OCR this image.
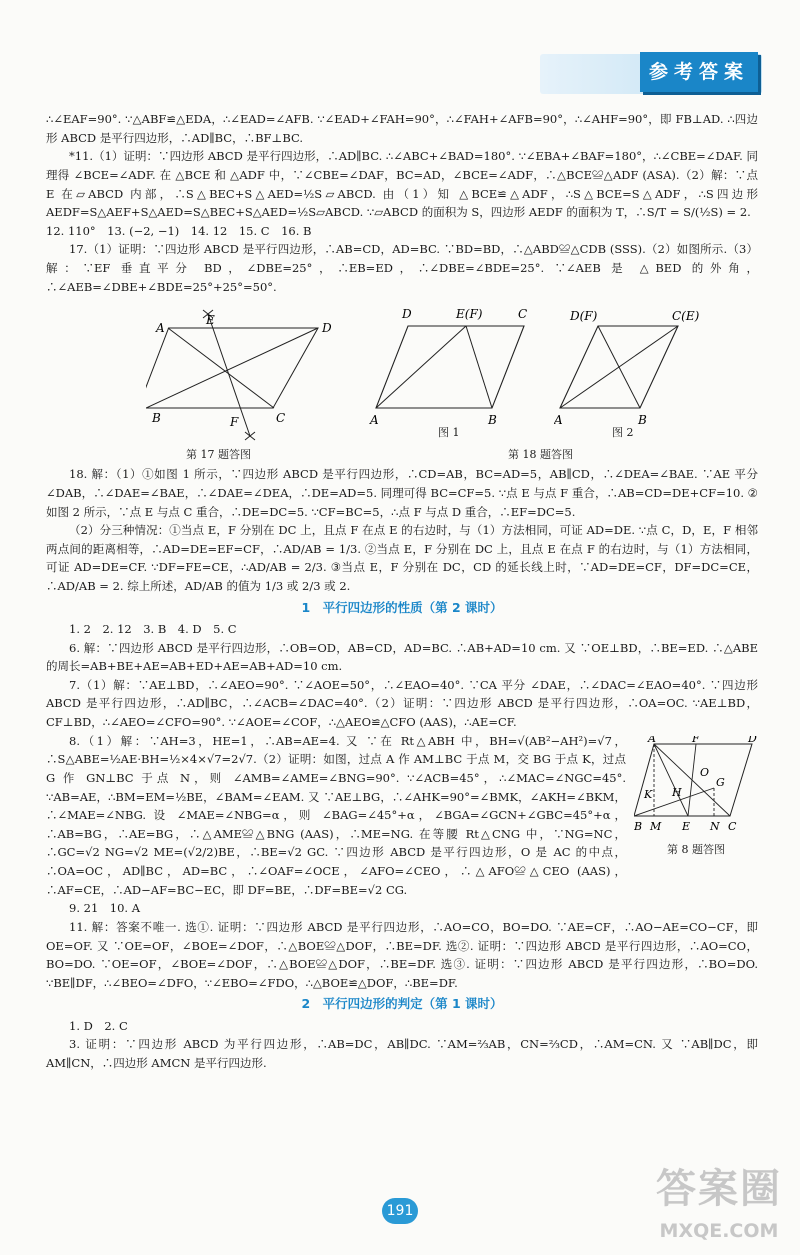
参考答案

∴∠EAF=90°. ∵△ABF≌△EDA，∴∠EAD=∠AFB. ∵∠EAD+∠FAH=90°，∴∠FAH+∠AFB=90°，∴∠AHF=90°，即 FB⊥AD. ∴四边形 ABCD 是平行四边形，∴AD∥BC，∴BF⊥BC.

*11.（1）证明：∵四边形 ABCD 是平行四边形，∴AD∥BC. ∴∠ABC+∠BAD=180°. ∵∠EBA+∠BAF=180°，∴∠CBE=∠DAF. 同理得 ∠BCE=∠ADF. 在 △BCE 和 △ADF 中，∵∠CBE=∠DAF，BC=AD，∠BCE=∠ADF，∴△BCE≌△ADF (ASA).（2）解：∵点 E 在▱ABCD 内部，∴S△BEC+S△AED=½S▱ABCD. 由（1）知 △BCE≌△ADF，∴S△BCE=S△ADF，∴S四边形AEDF=S△AEF+S△AED=S△BEC+S△AED=½S▱ABCD. ∵▱ABCD 的面积为 S，四边形 AEDF 的面积为 T，∴S/T = S/(½S) = 2.

12. 110°　13. (−2, −1)　14. 12　15. C　16. B

17.（1）证明：∵四边形 ABCD 是平行四边形，∴AB=CD，AD=BC. ∵BD=BD，∴△ABD≌△CDB (SSS).（2）如图所示.（3）解：∵EF 垂直平分 BD，∠DBE=25°，∴EB=ED，∴∠DBE=∠BDE=25°. ∵∠AEB 是 △BED 的外角，∴∠AEB=∠DBE+∠BDE=25°+25°=50°.

A
E
D
B	F	C
第 17 题答图
D	E(F)	C
A	B
图 1
D(F)	C(E)
A	B
图 2
第 18 题答图

18. 解：（1）①如图 1 所示，∵四边形 ABCD 是平行四边形，∴CD=AB，BC=AD=5，AB∥CD，∴∠DEA=∠BAE. ∵AE 平分 ∠DAB，∴∠DAE=∠BAE，∴∠DAE=∠DEA，∴DE=AD=5. 同理可得 BC=CF=5. ∵点 E 与点 F 重合，∴AB=CD=DE+CF=10. ②如图 2 所示，∵点 E 与点 C 重合，∴DE=DC=5. ∵CF=BC=5，∴点 F 与点 D 重合，∴EF=DC=5.

（2）分三种情况：①当点 E，F 分别在 DC 上，且点 F 在点 E 的右边时，与（1）方法相同，可证 AD=DE. ∵点 C，D，E，F 相邻两点间的距离相等，∴AD=DE=EF=CF，∴AD/AB = 1/3. ②当点 E，F 分别在 DC 上，且点 E 在点 F 的右边时，与（1）方法相同，可证 AD=DE=CF. ∵DF=FE=CE，∴AD/AB = 2/3. ③当点 E，F 分别在 DC，CD 的延长线上时，∵AD=DE=CF，DF=DC=CE，∴AD/AB = 2. 综上所述，AD/AB 的值为 1/3 或 2/3 或 2.

1　平行四边形的性质（第 2 课时）

1. 2　2. 12　3. B　4. D　5. C

6. 解：∵四边形 ABCD 是平行四边形，∴OB=OD，AB=CD，AD=BC. ∴AB+AD=10 cm. 又 ∵OE⊥BD，∴BE=ED. ∴△ABE 的周长=AB+BE+AE=AB+ED+AE=AB+AD=10 cm.

7.（1）解：∵AE⊥BD，∴∠AEO=90°. ∵∠AOE=50°，∴∠EAO=40°. ∵CA 平分 ∠DAE，∴∠DAC=∠EAO=40°. ∵四边形 ABCD 是平行四边形，∴AD∥BC，∴∠ACB=∠DAC=40°.（2）证明：∵四边形 ABCD 是平行四边形，∴OA=OC. ∵AE⊥BD，CF⊥BD，∴∠AEO=∠CFO=90°. ∵∠AOE=∠COF，∴△AEO≌△CFO (AAS)，∴AE=CF.

A	F	D
K H
G
O
B M E N C
第 8 题答图

8.（1）解：∵AH=3，HE=1，∴AB=AE=4. 又 ∵在 Rt△ABH 中，BH=√(AB²−AH²)=√7，∴S△ABE=½AE·BH=½×4×√7=2√7.（2）证明：如图，过点 A 作 AM⊥BC 于点 M，交 BG 于点 K，过点 G 作 GN⊥BC 于点 N，则 ∠AMB=∠AME=∠BNG=90°. ∵∠ACB=45°，∴∠MAC=∠NGC=45°. ∵AB=AE，∴BM=EM=½BE，∠BAM=∠EAM. 又 ∵AE⊥BG，∴∠AHK=90°=∠BMK，∠AKH=∠BKM，∴∠MAE=∠NBG. 设 ∠MAE=∠NBG=α，则 ∠BAG=∠45°+α，∠BGA=∠GCN+∠GBC=45°+α，∴AB=BG，∴AE=BG，∴△AME≌△BNG (AAS)，∴ME=NG. 在等腰 Rt△CNG 中，∵NG=NC，∴GC=√2 NG=√2 ME=(√2/2)BE，∴BE=√2 GC. ∵四边形 ABCD 是平行四边形，O 是 AC 的中点，∴OA=OC，AD∥BC，AD=BC，∴∠OAF=∠OCE，∠AFO=∠CEO，∴△AFO≌△CEO (AAS)，∴AF=CE，∴AD−AF=BC−EC，即 DF=BE，∴DF=BE=√2 CG.

9. 21　10. A

11. 解：答案不唯一. 选①. 证明：∵四边形 ABCD 是平行四边形，∴AO=CO，BO=DO. ∵AE=CF，∴AO−AE=CO−CF，即 OE=OF. 又 ∵OE=OF，∠BOE=∠DOF，∴△BOE≌△DOF，∴BE=DF. 选②. 证明：∵四边形 ABCD 是平行四边形，∴AO=CO，BO=DO. ∵OE=OF，∠BOE=∠DOF，∴△BOE≌△DOF，∴BE=DF. 选③. 证明：∵四边形 ABCD 是平行四边形，∴BO=DO. ∵BE∥DF，∴∠BEO=∠DFO，∵∠EBO=∠FDO，∴△BOE≌△DOF，∴BE=DF.

2　平行四边形的判定（第 1 课时）

1. D　2. C

3. 证明：∵四边形 ABCD 为平行四边形，∴AB=DC，AB∥DC. ∵AM=⅔AB，CN=⅔CD，∴AM=CN. 又 ∵AB∥DC，即 AM∥CN，∴四边形 AMCN 是平行四边形.

191	答案圈
MXQE.COM
